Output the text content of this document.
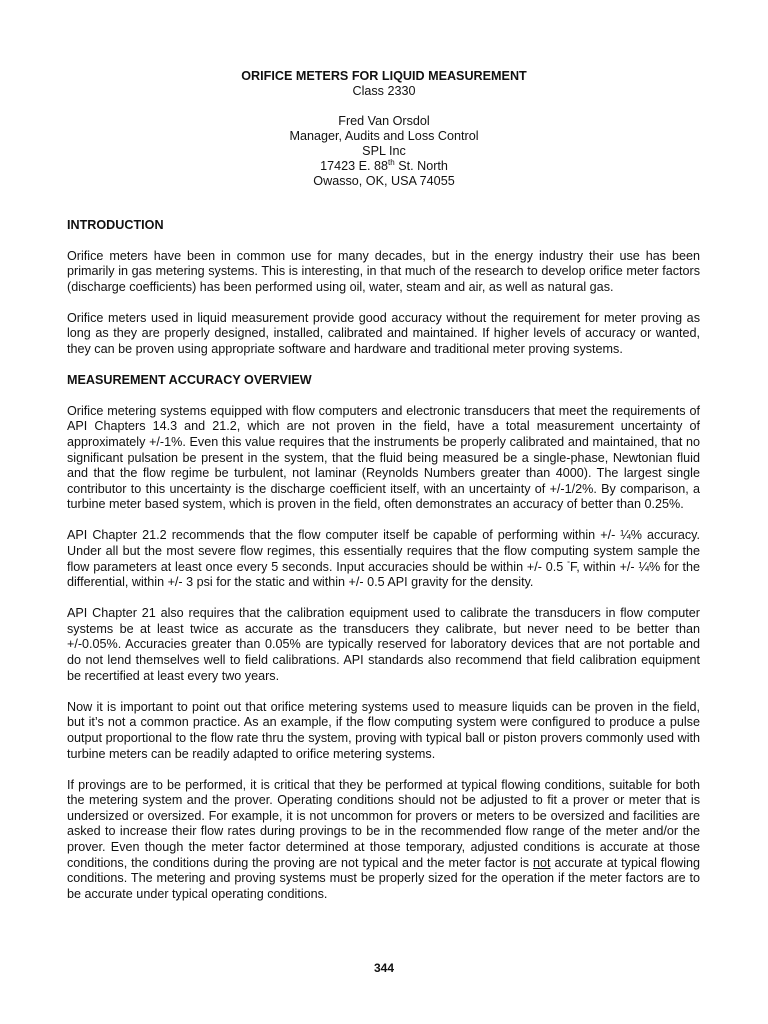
ORIFICE METERS FOR LIQUID MEASUREMENT
Class 2330
Fred Van Orsdol
Manager, Audits and Loss Control
SPL Inc
17423 E. 88th St. North
Owasso, OK, USA 74055
INTRODUCTION

Orifice meters have been in common use for many decades, but in the energy industry their use has been primarily in gas metering systems. This is interesting, in that much of the research to develop orifice meter factors (discharge coefficients) has been performed using oil, water, steam and air, as well as natural gas.

Orifice meters used in liquid measurement provide good accuracy without the requirement for meter proving as long as they are properly designed, installed, calibrated and maintained. If higher levels of accuracy or wanted, they can be proven using appropriate software and hardware and traditional meter proving systems.

MEASUREMENT ACCURACY OVERVIEW

Orifice metering systems equipped with flow computers and electronic transducers that meet the requirements of API Chapters 14.3 and 21.2, which are not proven in the field, have a total measurement uncertainty of approximately +/-1%. Even this value requires that the instruments be properly calibrated and maintained, that no significant pulsation be present in the system, that the fluid being measured be a single-phase, Newtonian fluid and that the flow regime be turbulent, not laminar (Reynolds Numbers greater than 4000). The largest single contributor to this uncertainty is the discharge coefficient itself, with an uncertainty of +/-1/2%. By comparison, a turbine meter based system, which is proven in the field, often demonstrates an accuracy of better than 0.25%.

API Chapter 21.2 recommends that the flow computer itself be capable of performing within +/- ¼% accuracy. Under all but the most severe flow regimes, this essentially requires that the flow computing system sample the flow parameters at least once every 5 seconds. Input accuracies should be within +/- 0.5 °F, within +/- ¼% for the differential, within +/- 3 psi for the static and within +/- 0.5 API gravity for the density.

API Chapter 21 also requires that the calibration equipment used to calibrate the transducers in flow computer systems be at least twice as accurate as the transducers they calibrate, but never need to be better than +/-0.05%. Accuracies greater than 0.05% are typically reserved for laboratory devices that are not portable and do not lend themselves well to field calibrations. API standards also recommend that field calibration equipment be recertified at least every two years.

Now it is important to point out that orifice metering systems used to measure liquids can be proven in the field, but it’s not a common practice. As an example, if the flow computing system were configured to produce a pulse output proportional to the flow rate thru the system, proving with typical ball or piston provers commonly used with turbine meters can be readily adapted to orifice metering systems.

If provings are to be performed, it is critical that they be performed at typical flowing conditions, suitable for both the metering system and the prover. Operating conditions should not be adjusted to fit a prover or meter that is undersized or oversized. For example, it is not uncommon for provers or meters to be oversized and facilities are asked to increase their flow rates during provings to be in the recommended flow range of the meter and/or the prover. Even though the meter factor determined at those temporary, adjusted conditions is accurate at those conditions, the conditions during the proving are not typical and the meter factor is not accurate at typical flowing conditions. The metering and proving systems must be properly sized for the operation if the meter factors are to be accurate under typical operating conditions.

344
